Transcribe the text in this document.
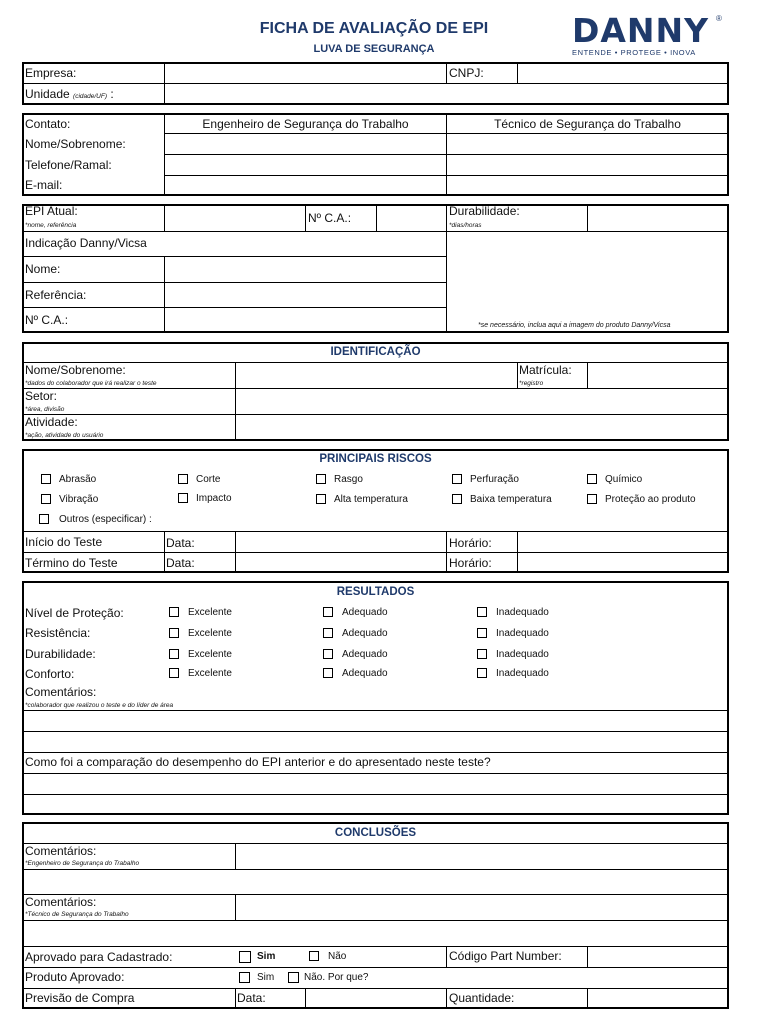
FICHA DE AVALIAÇÃO DE EPI
LUVA DE SEGURANÇA	DANNY ®
ENTENDE • PROTEGE • INOVA
Empresa:	CNPJ:
Unidade (cidade/UF) :
Contato:	Engenheiro de Segurança do Trabalho	Técnico de Segurança do Trabalho
Nome/Sobrenome:
Telefone/Ramal:
E-mail:
EPI Atual:
*nome, referência
Nº C.A.:	Durabilidade:
*dias/horas
Indicação Danny/Vicsa
Nome:
Referência:
Nº C.A.:	*se necessário, inclua aqui a imagem do produto Danny/Vicsa
IDENTIFICAÇÃO
Nome/Sobrenome:
*dados do colaborador que irá realizar o teste
Matrícula:
*registro
Setor:
*área, divisão
Atividade:
*ação, atividade do usuário
PRINCIPAIS RISCOS
Abrasão	Corte	Rasgo	Perfuração	Químico
Vibração	Impacto	Alta temperatura	Baixa temperatura	Proteção ao produto
Outros (especificar) :
Início do Teste	Data:	Horário:
Término do Teste	Data:	Horário:
RESULTADOS
Nível de Proteção:	Excelente	Adequado	Inadequado
Resistência:	Excelente	Adequado	Inadequado
Durabilidade:	Excelente	Adequado	Inadequado
Conforto:	Excelente	Adequado	Inadequado
Comentários:
*colaborador que realizou o teste e do líder de área
Como foi a comparação do desempenho do EPI anterior e do apresentado neste teste?
CONCLUSÕES
Comentários:
*Engenheiro de Segurança do Trabalho
Comentários:
*Técnico de Segurança do Trabalho
Aprovado para Cadastrado:	Sim	Não	Código Part Number:
Produto Aprovado:	Sim	Não. Por que?
Previsão de Compra	Data:	Quantidade:
